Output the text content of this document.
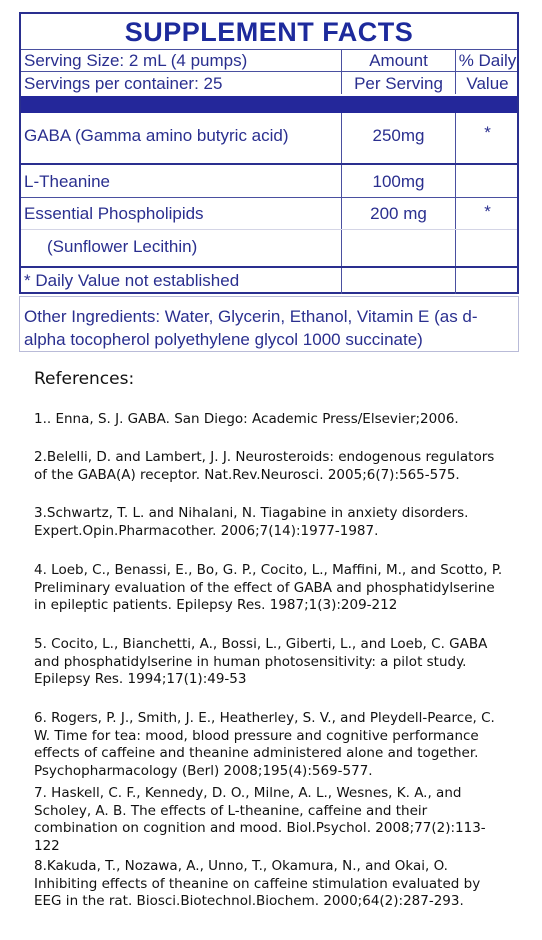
SUPPLEMENT FACTS
Serving Size: 2 mL (4 pumps)	Amount	% Daily
Servings per container: 25	Per Serving	Value
GABA (Gamma amino butyric acid)	250mg	*
L-Theanine	100mg
Essential Phospholipids	200 mg	*
(Sunflower Lecithin)
* Daily Value not established
Other Ingredients: Water, Glycerin, Ethanol, Vitamin E (as d-
alpha tocopherol polyethylene glycol 1000 succinate)
References:
1.. Enna, S. J. GABA. San Diego: Academic Press/Elsevier;2006.
2.Belelli, D. and Lambert, J. J. Neurosteroids: endogenous regulators of the GABA(A) receptor. Nat.Rev.Neurosci. 2005;6(7):565-575.
3.Schwartz, T. L. and Nihalani, N. Tiagabine in anxiety disorders. Expert.Opin.Pharmacother. 2006;7(14):1977-1987.
4. Loeb, C., Benassi, E., Bo, G. P., Cocito, L., Maffini, M., and Scotto, P. Preliminary evaluation of the effect of GABA and phosphatidylserine in epileptic patients. Epilepsy Res. 1987;1(3):209-212
5. Cocito, L., Bianchetti, A., Bossi, L., Giberti, L., and Loeb, C. GABA and phosphatidylserine in human photosensitivity: a pilot study. Epilepsy Res. 1994;17(1):49-53
6. Rogers, P. J., Smith, J. E., Heatherley, S. V., and Pleydell-Pearce, C. W. Time for tea: mood, blood pressure and cognitive performance effects of caffeine and theanine administered alone and together. Psychopharmacology (Berl) 2008;195(4):569-577.
7. Haskell, C. F., Kennedy, D. O., Milne, A. L., Wesnes, K. A., and Scholey, A. B. The effects of L-theanine, caffeine and their combination on cognition and mood. Biol.Psychol. 2008;77(2):113-122
8.Kakuda, T., Nozawa, A., Unno, T., Okamura, N., and Okai, O. Inhibiting effects of theanine on caffeine stimulation evaluated by EEG in the rat. Biosci.Biotechnol.Biochem. 2000;64(2):287-293.
